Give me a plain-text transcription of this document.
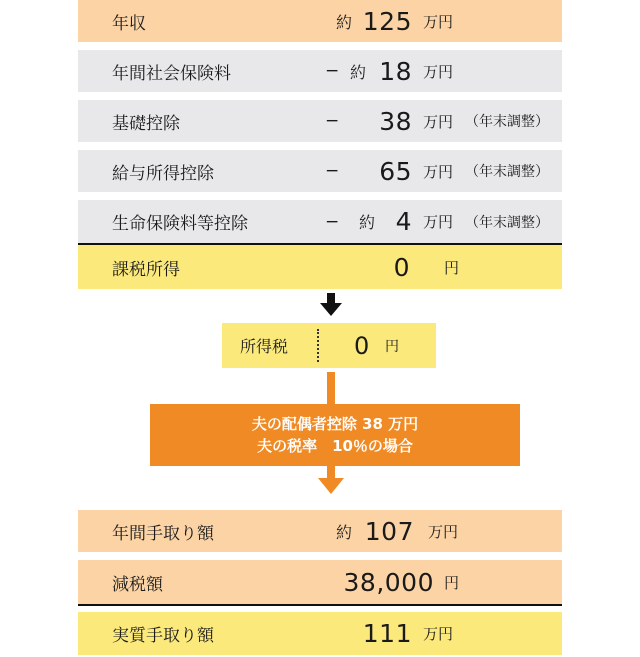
年収	約 125 万円
年間社会保険料	− 約 18 万円
基礎控除	− 38 万円 （年末調整）
給与所得控除	− 65 万円 （年末調整）
生命保険料等控除	− 約 4 万円 （年末調整）
課税所得	0 円
所得税	0 円
夫の配偶者控除 38 万円
夫の税率　10％の場合
年間手取り額	約 107 万円
減税額	38,000 円
実質手取り額	111 万円
